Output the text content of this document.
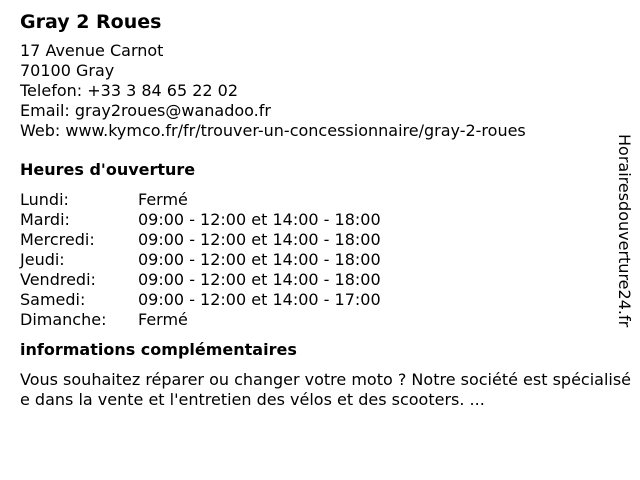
Gray 2 Roues
17 Avenue Carnot
70100 Gray
Telefon: +33 3 84 65 22 02
Email: gray2roues@wanadoo.fr
Web: www.kymco.fr/fr/trouver-un-concessionnaire/gray-2-roues
Heures d'ouverture
Lundi:	Fermé
Mardi:	09:00 - 12:00 et 14:00 - 18:00
Mercredi:	09:00 - 12:00 et 14:00 - 18:00
Jeudi:	09:00 - 12:00 et 14:00 - 18:00
Vendredi:	09:00 - 12:00 et 14:00 - 18:00
Samedi:	09:00 - 12:00 et 14:00 - 17:00
Dimanche:	Fermé
informations complémentaires
Vous souhaitez réparer ou changer votre moto ? Notre société est spécialisée dans la vente et l'entretien des vélos et des scooters. ...
Horairesdouverture24.fr
